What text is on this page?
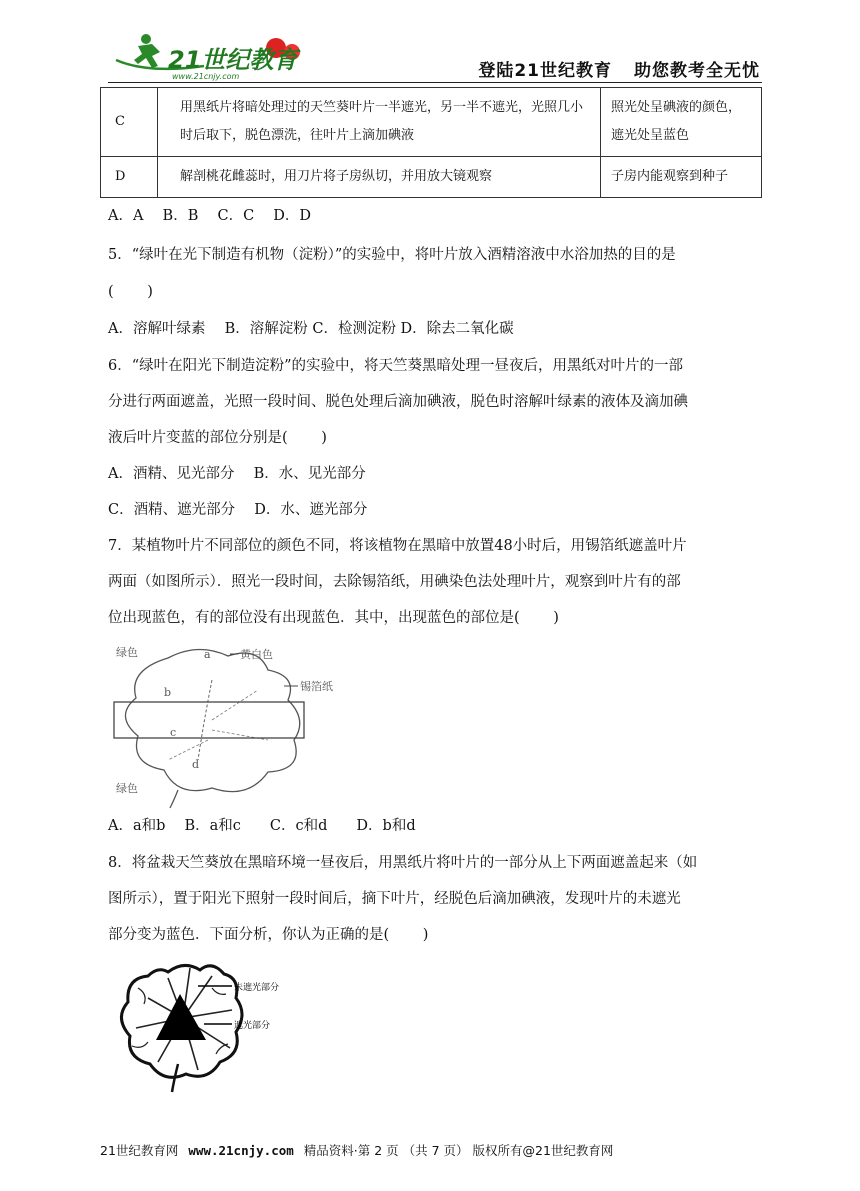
21世纪教育
www.21cnjy.com	登陆21世纪教育 助您教考全无忧
C	用黑纸片将暗处理过的天竺葵叶片一半遮光，另一半不遮光，光照几小时后取下，脱色漂洗，往叶片上滴加碘液	照光处呈碘液的颜色，遮光处呈蓝色
D	解剖桃花雌蕊时，用刀片将子房纵切，并用放大镜观察	子房内能观察到种子
A．A　 B．B　 C．C　 D．D
5．“绿叶在光下制造有机物（淀粉）”的实验中，将叶片放入酒精溶液中水浴加热的目的是
(　　 )
A．溶解叶绿素　 B．溶解淀粉 C．检测淀粉 D．除去二氧化碳
6．“绿叶在阳光下制造淀粉”的实验中，将天竺葵黑暗处理一昼夜后，用黑纸对叶片的一部
分进行两面遮盖，光照一段时间、脱色处理后滴加碘液，脱色时溶解叶绿素的液体及滴加碘
液后叶片变蓝的部位分别是(　　 )
A．酒精、见光部分　 B．水、见光部分
C．酒精、遮光部分　 D．水、遮光部分
7．某植物叶片不同部位的颜色不同，将该植物在黑暗中放置48小时后，用锡箔纸遮盖叶片
两面（如图所示）．照光一段时间，去除锡箔纸，用碘染色法处理叶片，观察到叶片有的部
位出现蓝色，有的部位没有出现蓝色．其中，出现蓝色的部位是(　　 )
绿色	a	黄白色
b	锡箔纸
c
d
绿色
A．a和b　 B．a和c　　C．c和d　　D．b和d
8．将盆栽天竺葵放在黑暗环境一昼夜后，用黑纸片将叶片的一部分从上下两面遮盖起来（如
图所示），置于阳光下照射一段时间后，摘下叶片，经脱色后滴加碘液，发现叶片的未遮光
部分变为蓝色．下面分析，你认为正确的是(　　 )
未遮光部分
遮光部分
21世纪教育网 www.21cnjy.com 精品资料·第 2 页 （共 7 页） 版权所有@21世纪教育网
